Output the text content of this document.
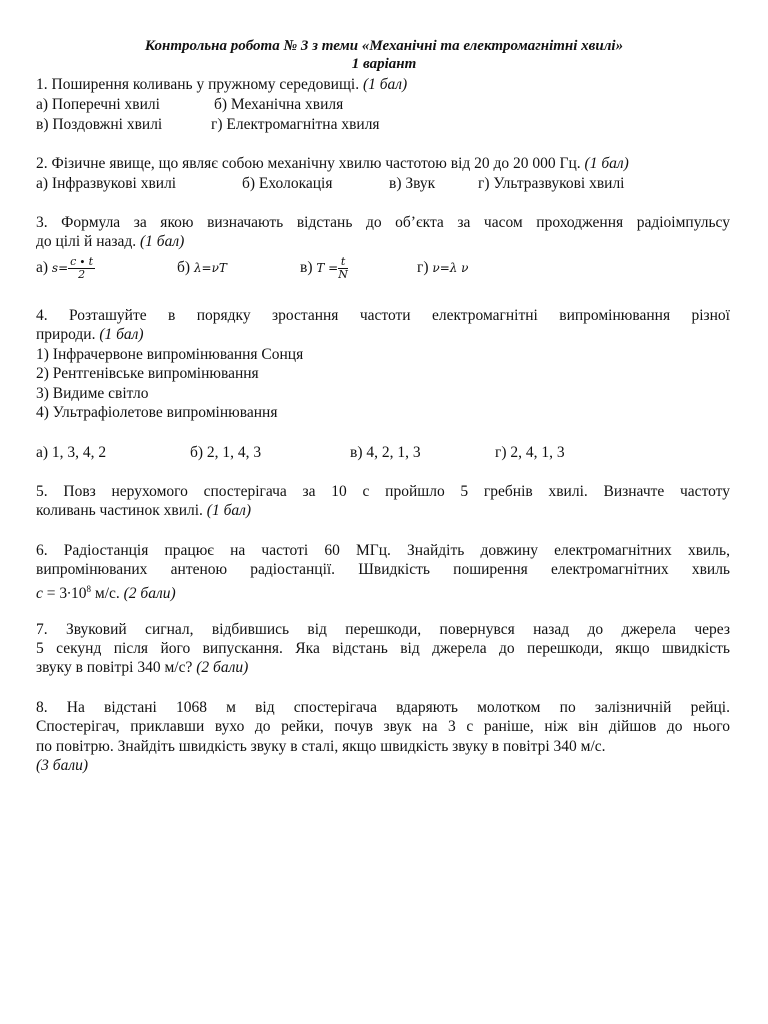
Контрольна робота № 3 з теми «Механічні та електромагнітні хвилі»
1 варіант
1. Поширення коливань у пружному середовищі. (1 бал)
а) Поперечні хвилі	б) Механічна хвиля
в) Поздовжні хвилі	г) Електромагнітна хвиля
2. Фізичне явище, що являє собою механічну хвилю частотою від 20 до 20 000 Гц. (1 бал)
а) Інфразвукові хвилі	б) Ехолокація	в) Звук	г) Ультразвукові хвилі
3. Формула за якою визначають відстань до об’єкта за часом проходження радіоімпульсу
до цілі й назад. (1 бал)
а) $s= \frac{c \cdot t}{2}$	б) λ=νT	в) $T = \frac{t}{N}$	г) ν=λ ν
4. Розташуйте в порядку зростання частоти електромагнітні випромінювання різної
природи. (1 бал)
1) Інфрачервоне випромінювання Сонця
2) Рентгенівське випромінювання
3) Видиме світло
4) Ультрафіолетове випромінювання
а) 1, 3, 4, 2	б) 2, 1, 4, 3	в) 4, 2, 1, 3	г) 2, 4, 1, 3
5. Повз нерухомого спостерігача за 10 с пройшло 5 гребнів хвилі. Визначте частоту
коливань частинок хвилі. (1 бал)
6. Радіостанція працює на частоті 60 МГц. Знайдіть довжину електромагнітних хвиль,
випромінюваних антеною радіостанції. Швидкість поширення електромагнітних хвиль
$c = 3\cdot 10^8$ м/с. (2 бали)
7. Звуковий сигнал, відбившись від перешкоди, повернувся назад до джерела через
5 секунд після його випускання. Яка відстань від джерела до перешкоди, якщо швидкість
звуку в повітрі 340 м/с? (2 бали)
8. На відстані 1068 м від спостерігача вдаряють молотком по залізничній рейці.
Спостерігач, приклавши вухо до рейки, почув звук на 3 с раніше, ніж він дійшов до нього
по повітрю. Знайдіть швидкість звуку в сталі, якщо швидкість звуку в повітрі 340 м/с.
(3 бали)
